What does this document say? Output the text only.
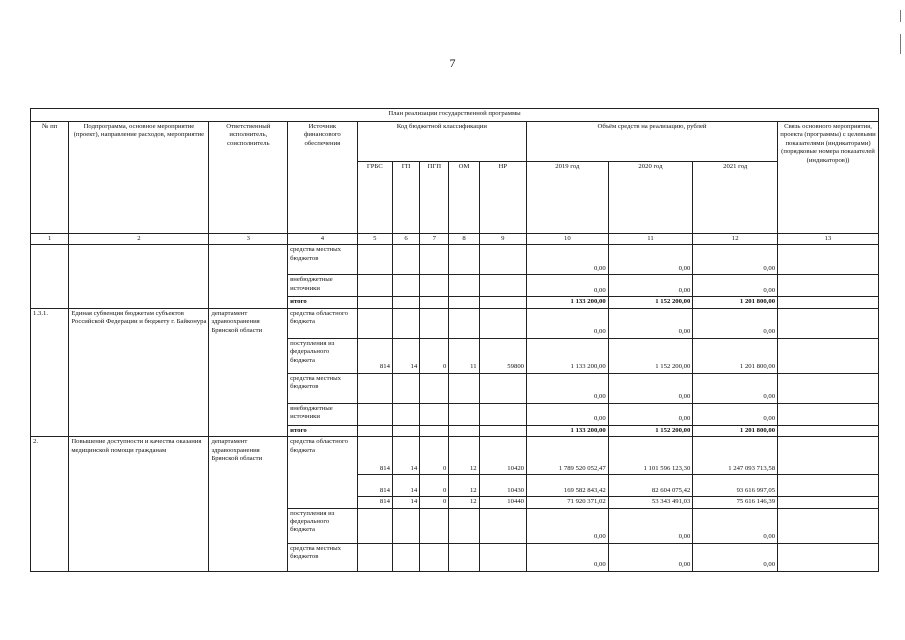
7
План реализации государственной программы												
№ пп	Подпрограмма, основное мероприятие (проект), направление расходов, мероприятие	Ответственный исполнитель, соисполнитель	Источник финансового обеспечения	Код бюджетной классификации					Объём средств на реализацию, рублей			Связь основного мероприятия, проекта (программы) с целевыми показателями (индикаторами) (порядковые номера показателей (индикаторов))
				ГРБС	ГП	ПГП	ОМ	НР	2019 год	2020 год	2021 год	
1	2	3	4	5	6	7	8	9	10	11	12	13
			средства местных бюджетов						0,00	0,00	0,00	
			внебюджетные источники						0,00	0,00	0,00	
			итого						1 133 200,00	1 152 200,00	1 201 800,00	
1.3.1.	Единая субвенция бюджетам субъектов Российской Федерации и бюджету г. Байконура	департамент здравоохранения Брянской области	средства областного бюджета						0,00	0,00	0,00	
			поступления из федерального бюджета	814	14	0	11	59800	1 133 200,00	1 152 200,00	1 201 800,00	
			средства местных бюджетов						0,00	0,00	0,00	
			внебюджетные источники						0,00	0,00	0,00	
			итого						1 133 200,00	1 152 200,00	1 201 800,00	
2.	Повышение доступности и качества оказания медицинской помощи гражданам	департамент здравоохранения Брянской области	средства областного бюджета	814	14	0	12	10420	1 789 520 052,47	1 101 596 123,30	1 247 093 713,58	
				814	14	0	12	10430	169 582 843,42	82 604 075,42	93 616 997,05	
				814	14	0	12	10440	71 920 371,02	53 343 491,03	75 616 146,39	
			поступления из федерального бюджета						0,00	0,00	0,00	
			средства местных бюджетов						0,00	0,00	0,00	
